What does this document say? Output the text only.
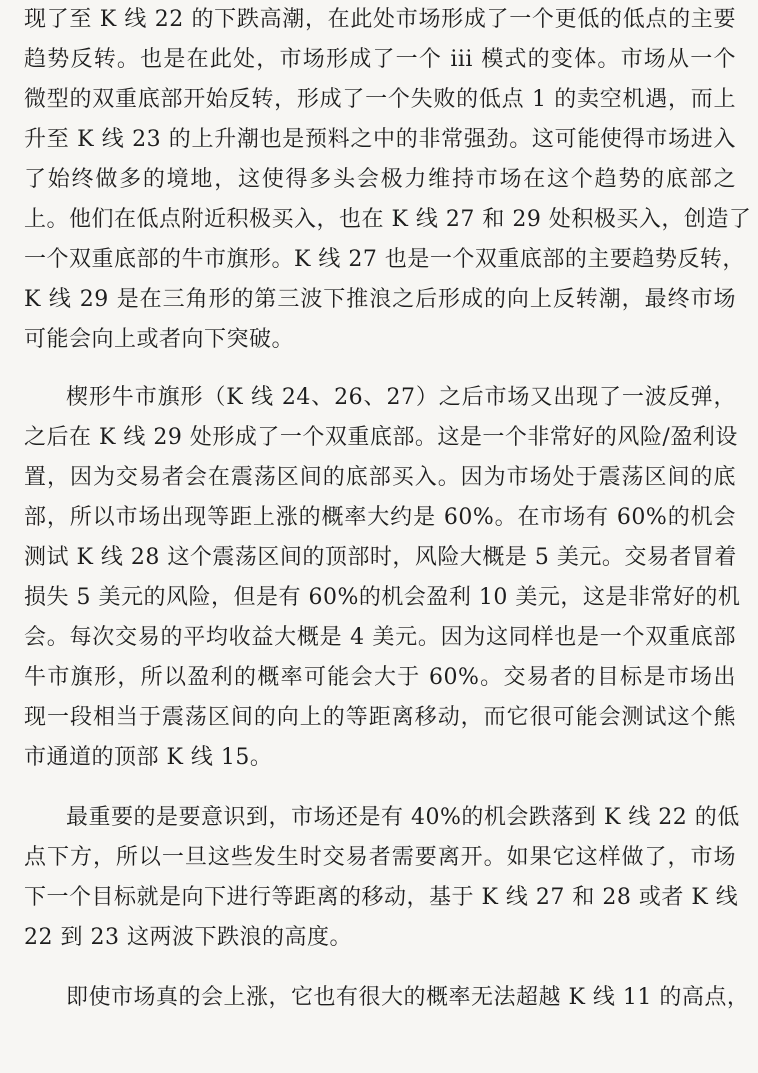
现了至 K 线 22 的下跌高潮，在此处市场形成了一个更低的低点的主要
趋势反转。也是在此处，市场形成了一个 iii 模式的变体。市场从一个
微型的双重底部开始反转，形成了一个失败的低点 1 的卖空机遇，而上
升至 K 线 23 的上升潮也是预料之中的非常强劲。这可能使得市场进入
了始终做多的境地，这使得多头会极力维持市场在这个趋势的底部之
上。他们在低点附近积极买入，也在 K 线 27 和 29 处积极买入，创造了
一个双重底部的牛市旗形。K 线 27 也是一个双重底部的主要趋势反转，
K 线 29 是在三角形的第三波下推浪之后形成的向上反转潮，最终市场
可能会向上或者向下突破。
楔形牛市旗形（K 线 24、26、27）之后市场又出现了一波反弹，
之后在 K 线 29 处形成了一个双重底部。这是一个非常好的风险/盈利设
置，因为交易者会在震荡区间的底部买入。因为市场处于震荡区间的底
部，所以市场出现等距上涨的概率大约是 60%。在市场有 60%的机会
测试 K 线 28 这个震荡区间的顶部时，风险大概是 5 美元。交易者冒着
损失 5 美元的风险，但是有 60%的机会盈利 10 美元，这是非常好的机
会。每次交易的平均收益大概是 4 美元。因为这同样也是一个双重底部
牛市旗形，所以盈利的概率可能会大于 60%。交易者的目标是市场出
现一段相当于震荡区间的向上的等距离移动，而它很可能会测试这个熊
市通道的顶部 K 线 15。
最重要的是要意识到，市场还是有 40%的机会跌落到 K 线 22 的低
点下方，所以一旦这些发生时交易者需要离开。如果它这样做了，市场
下一个目标就是向下进行等距离的移动，基于 K 线 27 和 28 或者 K 线
22 到 23 这两波下跌浪的高度。
即使市场真的会上涨，它也有很大的概率无法超越 K 线 11 的高点，
